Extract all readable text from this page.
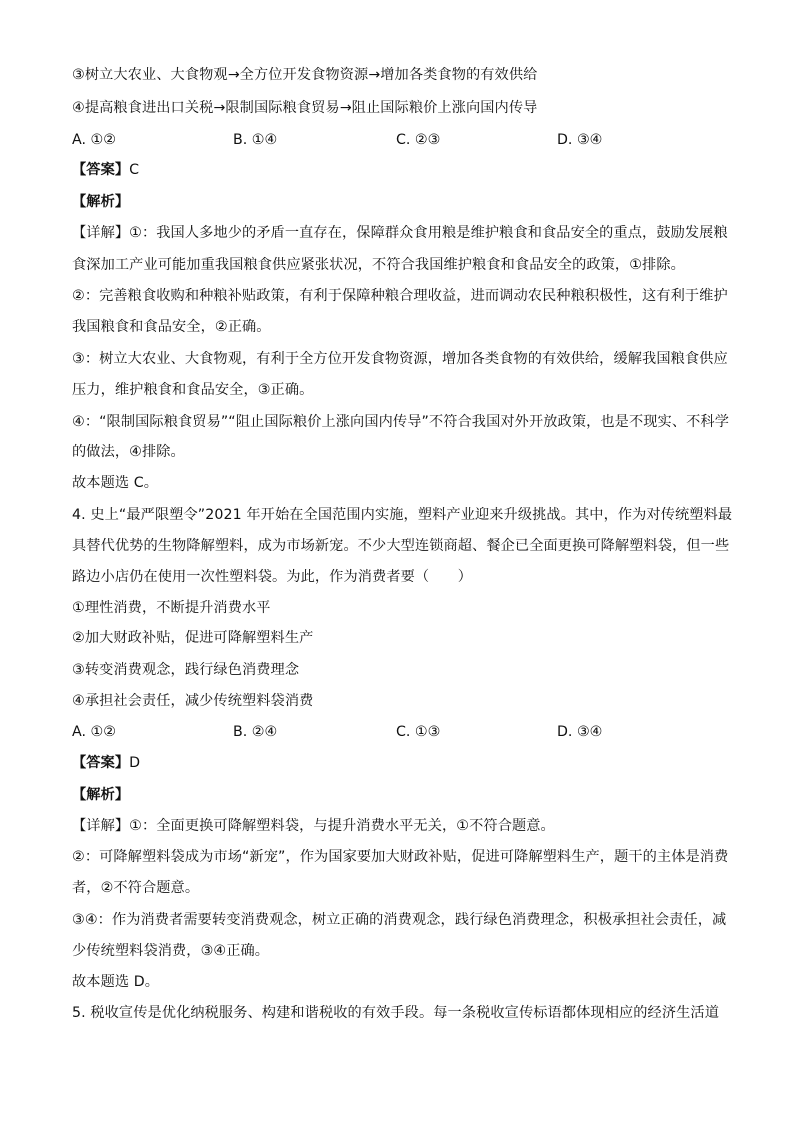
③树立大农业、大食物观→全方位开发食物资源→增加各类食物的有效供给
④提高粮食进出口关税→限制国际粮食贸易→阻止国际粮价上涨向国内传导
A. ①②	B. ①④	C. ②③	D. ③④
【答案】C
【解析】
【详解】①：我国人多地少的矛盾一直存在，保障群众食用粮是维护粮食和食品安全的重点，鼓励发展粮
食深加工产业可能加重我国粮食供应紧张状况，不符合我国维护粮食和食品安全的政策，①排除。
②：完善粮食收购和种粮补贴政策，有利于保障种粮合理收益，进而调动农民种粮积极性，这有利于维护
我国粮食和食品安全，②正确。
③：树立大农业、大食物观，有利于全方位开发食物资源，增加各类食物的有效供给，缓解我国粮食供应
压力，维护粮食和食品安全，③正确。
④：“限制国际粮食贸易”“阻止国际粮价上涨向国内传导”不符合我国对外开放政策，也是不现实、不科学
的做法，④排除。
故本题选 C。
4. 史上“最严限塑令”2021 年开始在全国范围内实施，塑料产业迎来升级挑战。其中，作为对传统塑料最
具替代优势的生物降解塑料，成为市场新宠。不少大型连锁商超、餐企已全面更换可降解塑料袋，但一些
路边小店仍在使用一次性塑料袋。为此，作为消费者要（　　）
①理性消费，不断提升消费水平
②加大财政补贴，促进可降解塑料生产
③转变消费观念，践行绿色消费理念
④承担社会责任，减少传统塑料袋消费
A. ①②	B. ②④	C. ①③	D. ③④
【答案】D
【解析】
【详解】①：全面更换可降解塑料袋，与提升消费水平无关，①不符合题意。
②：可降解塑料袋成为市场“新宠”，作为国家要加大财政补贴，促进可降解塑料生产，题干的主体是消费
者，②不符合题意。
③④：作为消费者需要转变消费观念，树立正确的消费观念，践行绿色消费理念，积极承担社会责任，减
少传统塑料袋消费，③④正确。
故本题选 D。
5. 税收宣传是优化纳税服务、构建和谐税收的有效手段。每一条税收宣传标语都体现相应的经济生活道
